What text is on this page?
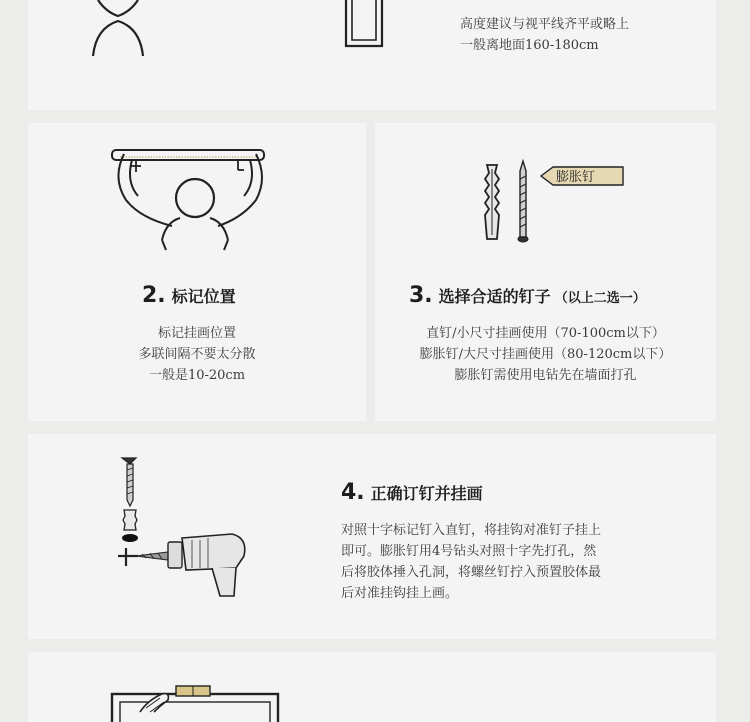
高度建议与视平线齐平或略上
一般离地面160-180cm
2. 标记位置
标记挂画位置
多联间隔不要太分散
一般是10-20cm
膨胀钉
3. 选择合适的钉子 （以上二选一）
直钉/小尺寸挂画使用（70-100cm以下）
膨胀钉/大尺寸挂画使用（80-120cm以下）
膨胀钉需使用电钻先在墙面打孔
4. 正确订钉并挂画
对照十字标记钉入直钉，将挂钩对准钉子挂上
即可。膨胀钉用4号钻头对照十字先打孔，然
后将胶体捶入孔洞，将螺丝钉拧入预置胶体最
后对准挂钩挂上画。
